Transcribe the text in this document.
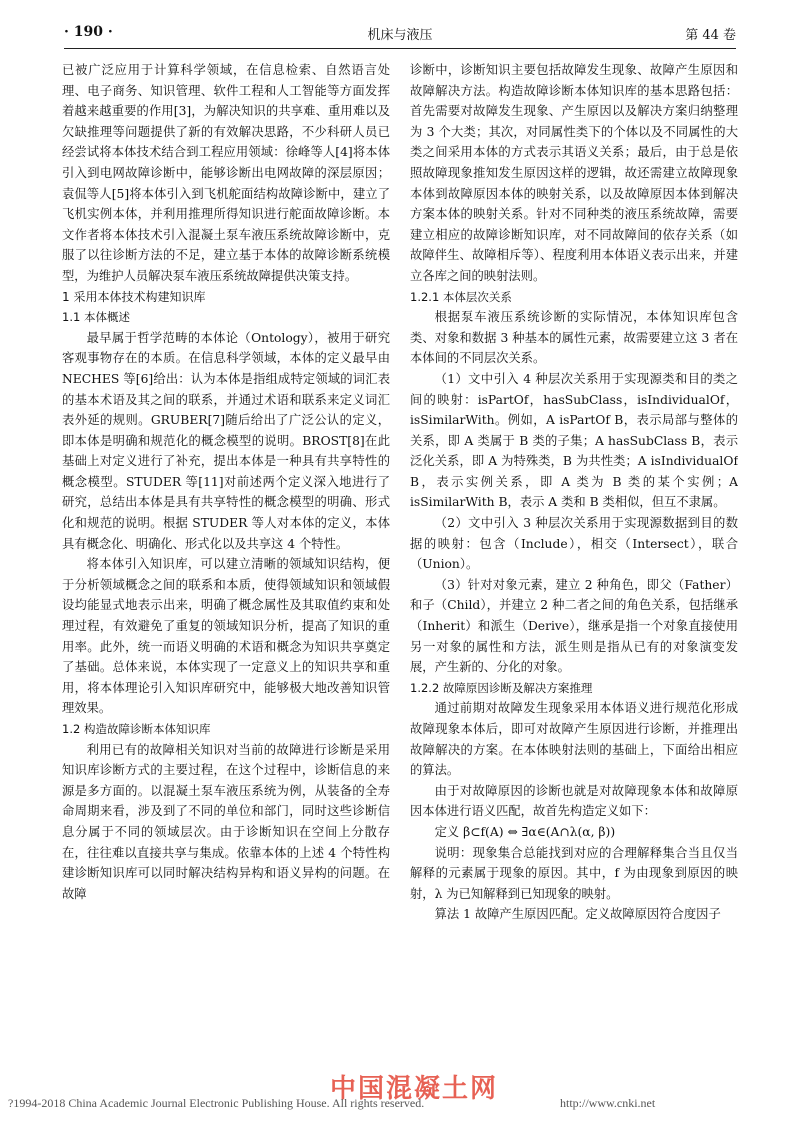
· 190 ·	机床与液压	第 44 卷

已被广泛应用于计算科学领域，在信息检索、自然语言处理、电子商务、知识管理、软件工程和人工智能等方面发挥着越来越重要的作用[3]，为解决知识的共享难、重用难以及欠缺推理等问题提供了新的有效解决思路，不少科研人员已经尝试将本体技术结合到工程应用领域：徐峰等人[4]将本体引入到电网故障诊断中，能够诊断出电网故障的深层原因；袁侃等人[5]将本体引入到飞机舵面结构故障诊断中，建立了飞机实例本体，并利用推理所得知识进行舵面故障诊断。本文作者将本体技术引入混凝土泵车液压系统故障诊断中，克服了以往诊断方法的不足，建立基于本体的故障诊断系统模型，为维护人员解决泵车液压系统故障提供决策支持。

1 采用本体技术构建知识库

1.1 本体概述

最早属于哲学范畴的本体论（Ontology），被用于研究客观事物存在的本质。在信息科学领域，本体的定义最早由 NECHES 等[6]给出：认为本体是指组成特定领域的词汇表的基本术语及其之间的联系，并通过术语和联系来定义词汇表外延的规则。GRUBER[7]随后给出了广泛公认的定义，即本体是明确和规范化的概念模型的说明。BROST[8]在此基础上对定义进行了补充，提出本体是一种具有共享特性的概念模型。STUDER 等[11]对前述两个定义深入地进行了研究，总结出本体是具有共享特性的概念模型的明确、形式化和规范的说明。根据 STUDER 等人对本体的定义，本体具有概念化、明确化、形式化以及共享这 4 个特性。

将本体引入知识库，可以建立清晰的领域知识结构，便于分析领域概念之间的联系和本质，使得领域知识和领域假设均能显式地表示出来，明确了概念属性及其取值约束和处理过程，有效避免了重复的领域知识分析，提高了知识的重用率。此外，统一而语义明确的术语和概念为知识共享奠定了基础。总体来说，本体实现了一定意义上的知识共享和重用，将本体理论引入知识库研究中，能够极大地改善知识管理效果。

1.2 构造故障诊断本体知识库

利用已有的故障相关知识对当前的故障进行诊断是采用知识库诊断方式的主要过程，在这个过程中，诊断信息的来源是多方面的。以混凝土泵车液压系统为例，从装备的全寿命周期来看，涉及到了不同的单位和部门，同时这些诊断信息分属于不同的领域层次。由于诊断知识在空间上分散存在，往往难以直接共享与集成。依靠本体的上述 4 个特性构建诊断知识库可以同时解决结构异构和语义异构的问题。在故障

诊断中，诊断知识主要包括故障发生现象、故障产生原因和故障解决方法。构造故障诊断本体知识库的基本思路包括：首先需要对故障发生现象、产生原因以及解决方案归纳整理为 3 个大类；其次，对同属性类下的个体以及不同属性的大类之间采用本体的方式表示其语义关系；最后，由于总是依照故障现象推知发生原因这样的逻辑，故还需建立故障现象本体到故障原因本体的映射关系，以及故障原因本体到解决方案本体的映射关系。针对不同种类的液压系统故障，需要建立相应的故障诊断知识库，对不同故障间的依存关系（如故障伴生、故障相斥等）、程度利用本体语义表示出来，并建立各库之间的映射法则。

1.2.1 本体层次关系

根据泵车液压系统诊断的实际情况，本体知识库包含类、对象和数据 3 种基本的属性元素，故需要建立这 3 者在本体间的不同层次关系。

（1）文中引入 4 种层次关系用于实现源类和目的类之间的映射：isPartOf，hasSubClass，isIndividualOf，isSimilarWith。例如，A isPartOf B，表示局部与整体的关系，即 A 类属于 B 类的子集；A hasSubClass B，表示泛化关系，即 A 为特殊类，B 为共性类；A isIndividualOf B，表示实例关系，即 A 类为 B 类的某个实例；A isSimilarWith B，表示 A 类和 B 类相似，但互不隶属。

（2）文中引入 3 种层次关系用于实现源数据到目的数据的映射：包含（Include），相交（Intersect），联合（Union）。

（3）针对对象元素，建立 2 种角色，即父（Father）和子（Child），并建立 2 种二者之间的角色关系，包括继承（Inherit）和派生（Derive），继承是指一个对象直接使用另一对象的属性和方法，派生则是指从已有的对象演变发展，产生新的、分化的对象。

1.2.2 故障原因诊断及解决方案推理

通过前期对故障发生现象采用本体语义进行规范化形成故障现象本体后，即可对故障产生原因进行诊断，并推理出故障解决的方案。在本体映射法则的基础上，下面给出相应的算法。

由于对故障原因的诊断也就是对故障现象本体和故障原因本体进行语义匹配，故首先构造定义如下：

定义 β⊂f(A) ⇔ ∃α∈(A∩λ(α, β))

说明：现象集合总能找到对应的合理解释集合当且仅当解释的元素属于现象的原因。其中，f 为由现象到原因的映射，λ 为已知解释到已知现象的映射。

算法 1 故障产生原因匹配。定义故障原因符合度因子

中国混凝土网
?1994-2018 China Academic Journal Electronic Publishing House. All rights reserved.	http://www.cnki.net
